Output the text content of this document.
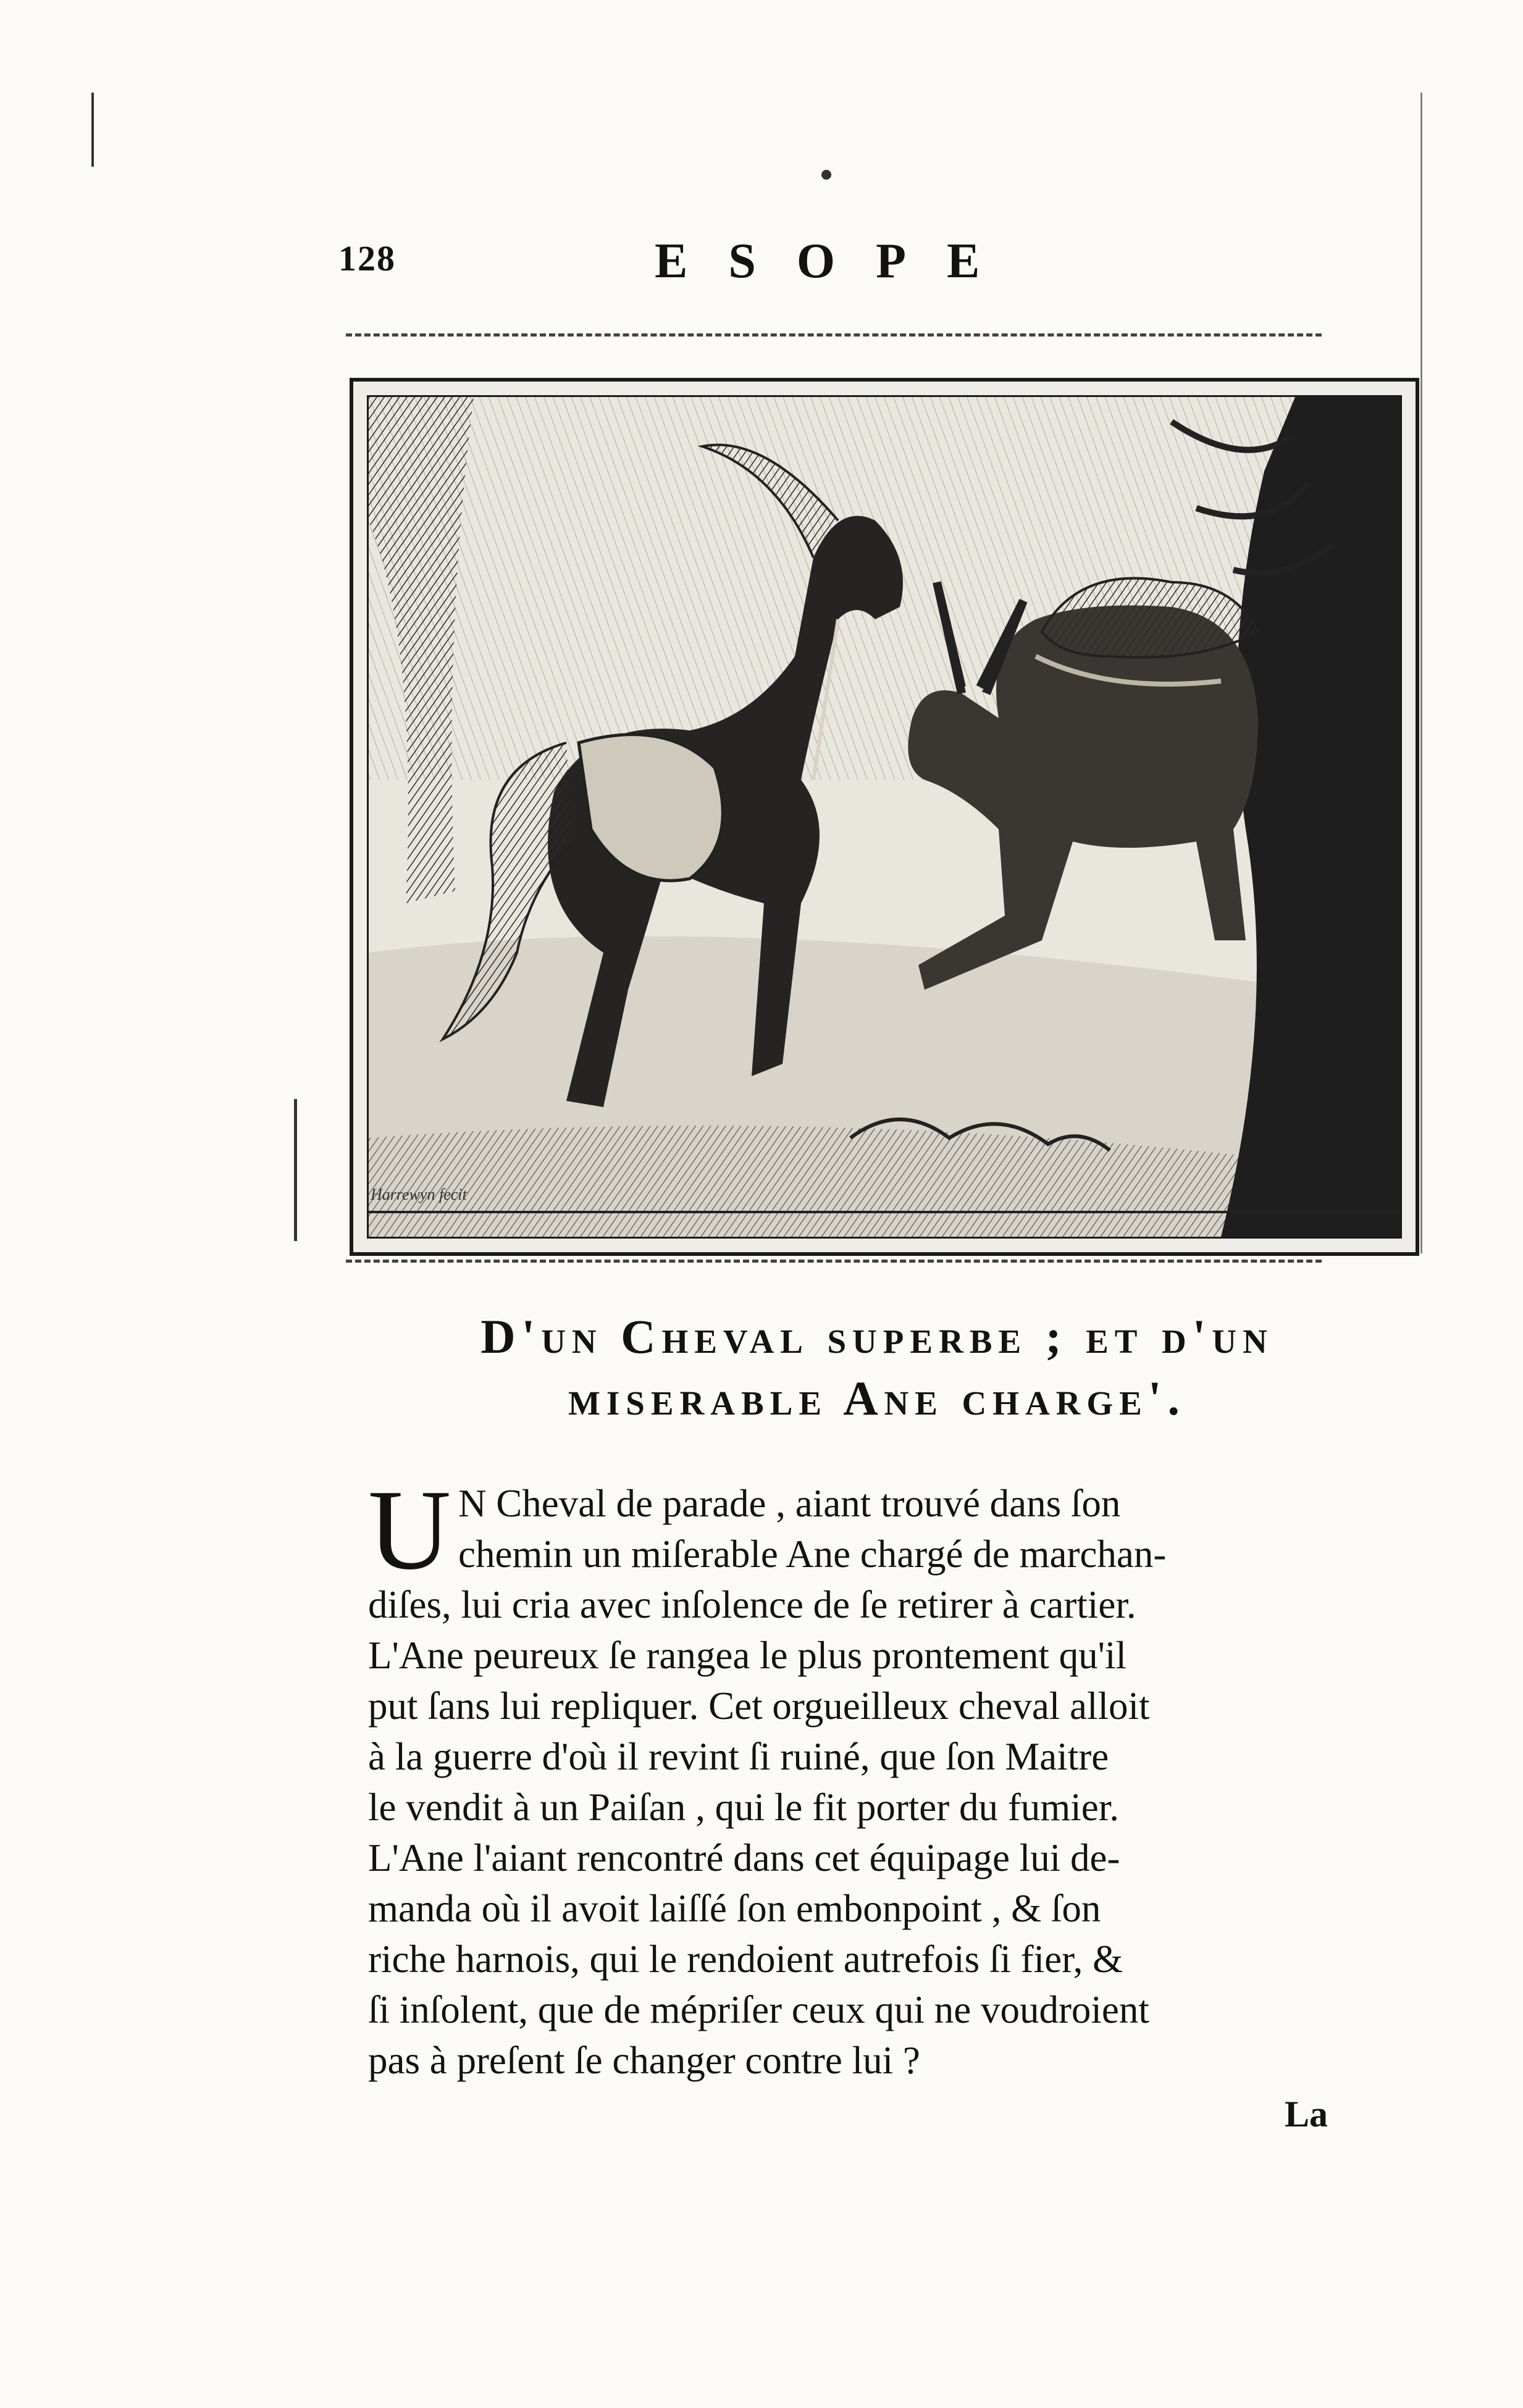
128	ESOPE
Harrewyn fecit
D'un Cheval superbe ; et d'un
miserable Ane charge'.
U N Cheval de parade , aiant trouvé dans ſon
chemin un miſerable Ane chargé de marchan-
diſes, lui cria avec inſolence de ſe retirer à cartier.
L'Ane peureux ſe rangea le plus prontement qu'il
put ſans lui repliquer. Cet orgueilleux cheval alloit
à la guerre d'où il revint ſi ruiné, que ſon Maitre
le vendit à un Paiſan , qui le fit porter du fumier.
L'Ane l'aiant rencontré dans cet équipage lui de-
manda où il avoit laiſſé ſon embonpoint , & ſon
riche harnois, qui le rendoient autrefois ſi fier, &
ſi inſolent, que de mépriſer ceux qui ne voudroient
pas à preſent ſe changer contre lui ?
La
